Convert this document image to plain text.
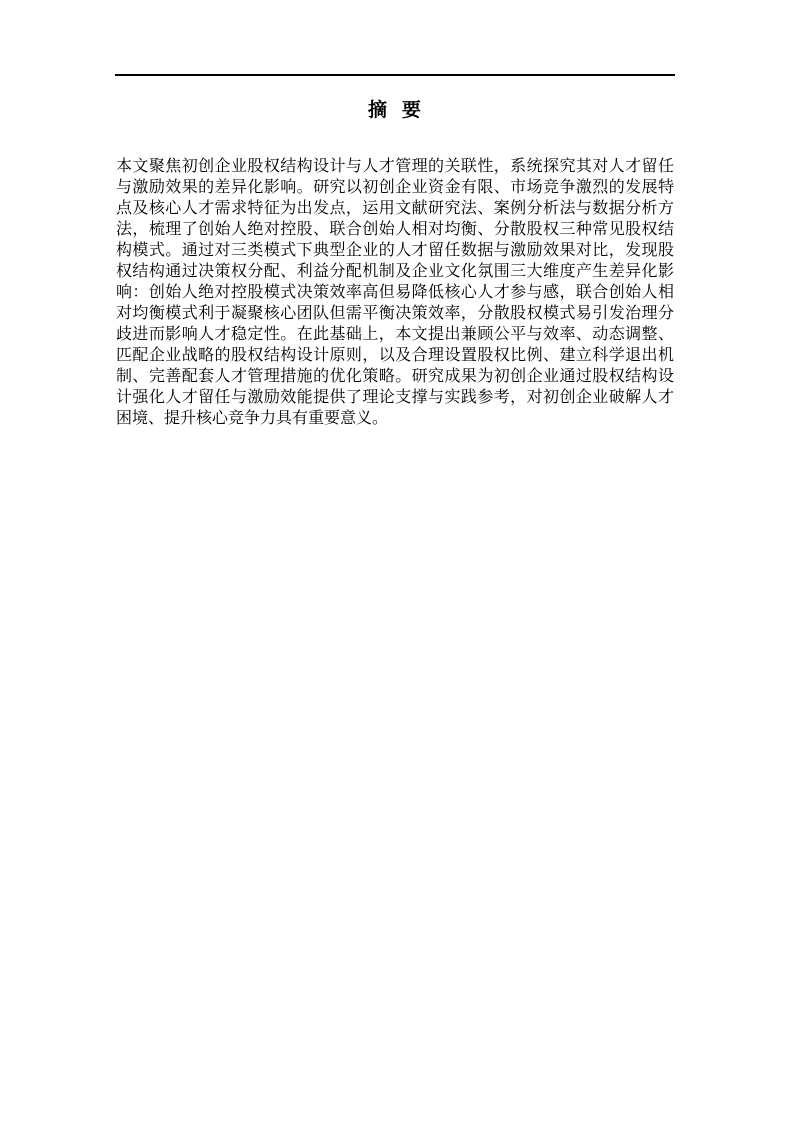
摘 要

本文聚焦初创企业股权结构设计与人才管理的关联性，系统探究其对人才留任与激励效果的差异化影响。研究以初创企业资金有限、市场竞争激烈的发展特点及核心人才需求特征为出发点，运用文献研究法、案例分析法与数据分析方法，梳理了创始人绝对控股、联合创始人相对均衡、分散股权三种常见股权结构模式。通过对三类模式下典型企业的人才留任数据与激励效果对比，发现股权结构通过决策权分配、利益分配机制及企业文化氛围三大维度产生差异化影响：创始人绝对控股模式决策效率高但易降低核心人才参与感，联合创始人相对均衡模式利于凝聚核心团队但需平衡决策效率，分散股权模式易引发治理分歧进而影响人才稳定性。在此基础上，本文提出兼顾公平与效率、动态调整、匹配企业战略的股权结构设计原则，以及合理设置股权比例、建立科学退出机制、完善配套人才管理措施的优化策略。研究成果为初创企业通过股权结构设计强化人才留任与激励效能提供了理论支撑与实践参考，对初创企业破解人才困境、提升核心竞争力具有重要意义。
